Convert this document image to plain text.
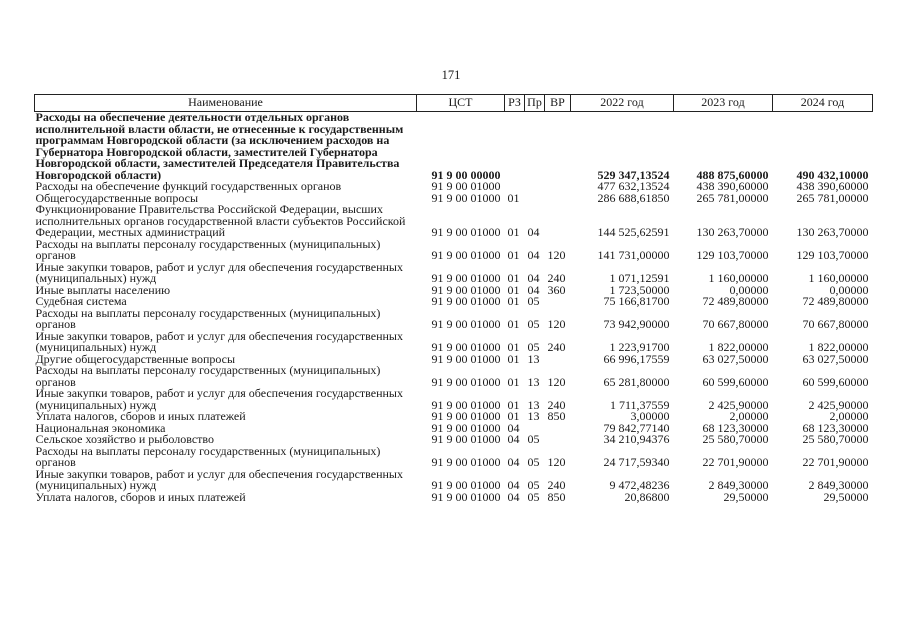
171
Наименование	ЦСТ	РЗ	Пр	ВР	2022 год	2023 год	2024 год
Расходы на обеспечение деятельности отдельных органов исполнительной власти области, не отнесенные к государственным программам Новгородской области (за исключением расходов на Губернатора Новгородской области, заместителей Губернатора Новгородской области, заместителей Председателя Правительства Новгородской области)	91 9 00 00000				529 347,13524	488 875,60000	490 432,10000
Расходы на обеспечение функций государственных органов	91 9 00 01000				477 632,13524	438 390,60000	438 390,60000
Общегосударственные вопросы	91 9 00 01000	01			286 688,61850	265 781,00000	265 781,00000
Функционирование Правительства Российской Федерации, высших исполнительных органов государственной власти субъектов Российской Федерации, местных администраций	91 9 00 01000	01	04		144 525,62591	130 263,70000	130 263,70000
Расходы на выплаты персоналу государственных (муниципальных) органов	91 9 00 01000	01	04	120	141 731,00000	129 103,70000	129 103,70000
Иные закупки товаров, работ и услуг для обеспечения государственных (муниципальных) нужд	91 9 00 01000	01	04	240	1 071,12591	1 160,00000	1 160,00000
Иные выплаты населению	91 9 00 01000	01	04	360	1 723,50000	0,00000	0,00000
Судебная система	91 9 00 01000	01	05		75 166,81700	72 489,80000	72 489,80000
Расходы на выплаты персоналу государственных (муниципальных) органов	91 9 00 01000	01	05	120	73 942,90000	70 667,80000	70 667,80000
Иные закупки товаров, работ и услуг для обеспечения государственных (муниципальных) нужд	91 9 00 01000	01	05	240	1 223,91700	1 822,00000	1 822,00000
Другие общегосударственные вопросы	91 9 00 01000	01	13		66 996,17559	63 027,50000	63 027,50000
Расходы на выплаты персоналу государственных (муниципальных) органов	91 9 00 01000	01	13	120	65 281,80000	60 599,60000	60 599,60000
Иные закупки товаров, работ и услуг для обеспечения государственных (муниципальных) нужд	91 9 00 01000	01	13	240	1 711,37559	2 425,90000	2 425,90000
Уплата налогов, сборов и иных платежей	91 9 00 01000	01	13	850	3,00000	2,00000	2,00000
Национальная экономика	91 9 00 01000	04			79 842,77140	68 123,30000	68 123,30000
Сельское хозяйство и рыболовство	91 9 00 01000	04	05		34 210,94376	25 580,70000	25 580,70000
Расходы на выплаты персоналу государственных (муниципальных) органов	91 9 00 01000	04	05	120	24 717,59340	22 701,90000	22 701,90000
Иные закупки товаров, работ и услуг для обеспечения государственных (муниципальных) нужд	91 9 00 01000	04	05	240	9 472,48236	2 849,30000	2 849,30000
Уплата налогов, сборов и иных платежей	91 9 00 01000	04	05	850	20,86800	29,50000	29,50000
